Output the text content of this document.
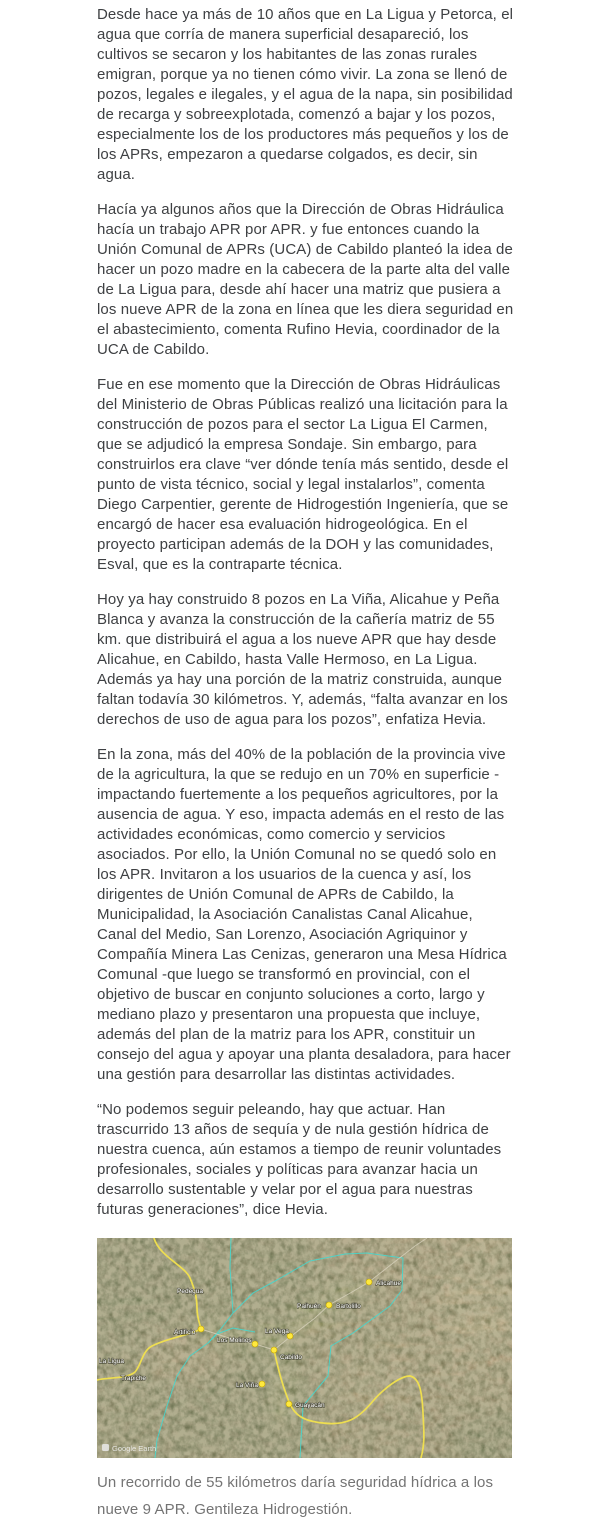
Desde hace ya más de 10 años que en La Ligua y Petorca, el agua que corría de manera superficial desapareció, los cultivos se secaron y los habitantes de las zonas rurales emigran, porque ya no tienen cómo vivir. La zona se llenó de pozos, legales e ilegales, y el agua de la napa, sin posibilidad de recarga y sobreexplotada, comenzó a bajar y los pozos, especialmente los de los productores más pequeños y los de los APRs, empezaron a quedarse colgados, es decir, sin agua.

Hacía ya algunos años que la Dirección de Obras Hidráulica hacía un trabajo APR por APR. y fue entonces cuando la Unión Comunal de APRs (UCA) de Cabildo planteó la idea de hacer un pozo madre en la cabecera de la parte alta del valle de La Ligua para, desde ahí hacer una matriz que pusiera a los nueve APR de la zona en línea que les diera seguridad en el abastecimiento, comenta Rufino Hevia, coordinador de la UCA de Cabildo.

Fue en ese momento que la Dirección de Obras Hidráulicas del Ministerio de Obras Públicas realizó una licitación para la construcción de pozos para el sector La Ligua El Carmen, que se adjudicó la empresa Sondaje. Sin embargo, para construirlos era clave “ver dónde tenía más sentido, desde el punto de vista técnico, social y legal instalarlos”, comenta Diego Carpentier, gerente de Hidrogestión Ingeniería, que se encargó de hacer esa evaluación hidrogeológica. En el proyecto participan además de la DOH y las comunidades, Esval, que es la contraparte técnica.

Hoy ya hay construido 8 pozos en La Viña, Alicahue y Peña Blanca y avanza la construcción de la cañería matriz de 55 km. que distribuirá el agua a los nueve APR que hay desde Alicahue, en Cabildo, hasta Valle Hermoso, en La Ligua. Además ya hay una porción de la matriz construida, aunque faltan todavía 30 kilómetros. Y, además, “falta avanzar en los derechos de uso de agua para los pozos”, enfatiza Hevia.

En la zona, más del 40% de la población de la provincia vive de la agricultura, la que se redujo en un 70% en superficie -impactando fuertemente a los pequeños agricultores, por la ausencia de agua. Y eso, impacta además en el resto de las actividades económicas, como comercio y servicios asociados. Por ello, la Unión Comunal no se quedó solo en los APR. Invitaron a los usuarios de la cuenca y así, los dirigentes de Unión Comunal de APRs de Cabildo, la Municipalidad, la Asociación Canalistas Canal Alicahue, Canal del Medio, San Lorenzo, Asociación Agriquinor y Compañía Minera Las Cenizas, generaron una Mesa Hídrica Comunal -que luego se transformó en provincial, con el objetivo de buscar en conjunto soluciones a corto, largo y mediano plazo y presentaron una propuesta que incluye, además del plan de la matriz para los APR, constituir un consejo del agua y apoyar una planta desaladora, para hacer una gestión para desarrollar las distintas actividades.

“No podemos seguir peleando, hay que actuar. Han trascurrido 13 años de sequía y de nula gestión hídrica de nuestra cuenca, aún estamos a tiempo de reunir voluntades profesionales, sociales y políticas para avanzar hacia un desarrollo sustentable y velar por el agua para nuestras futuras generaciones”, dice Hevia.

Alicahue
Bartolillo
Paihuén
La Vega
Los Molinos
Cabildo
Artificio
La Viña
Guayacán
Pedegua
Trapiche
La Ligua
Google Earth
Un recorrido de 55 kilómetros daría seguridad hídrica a los nueve 9 APR. Gentileza Hidrogestión.
